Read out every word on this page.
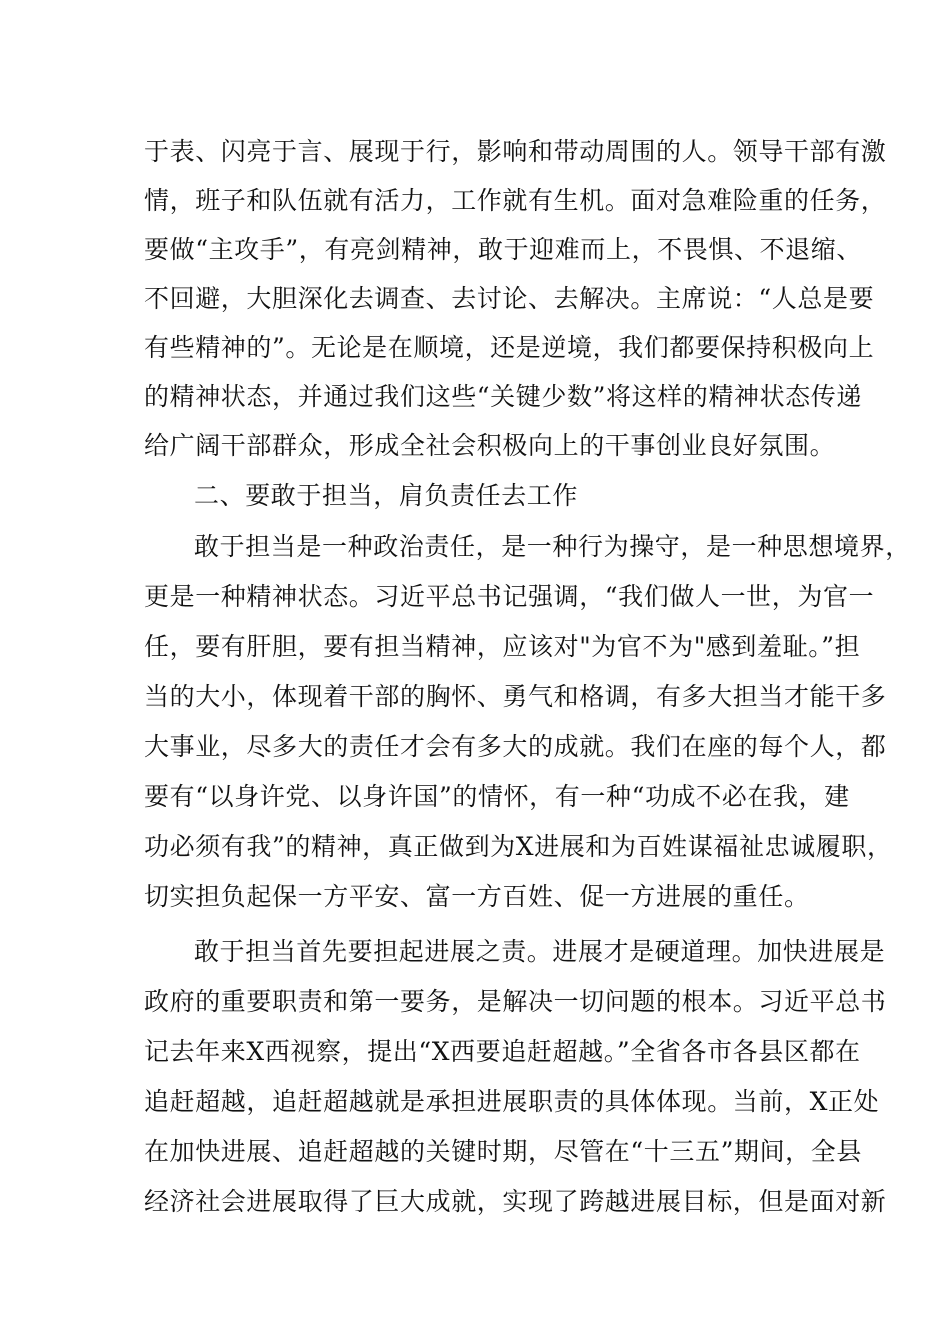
于表、闪亮于言、展现于行，影响和带动周围的人。领导干部有激
情，班子和队伍就有活力，工作就有生机。面对急难险重的任务，
要做“主攻手”，有亮剑精神，敢于迎难而上，不畏惧、不退缩、
不回避，大胆深化去调查、去讨论、去解决。主席说：“人总是要
有些精神的”。无论是在顺境，还是逆境，我们都要保持积极向上
的精神状态，并通过我们这些“关键少数”将这样的精神状态传递
给广阔干部群众，形成全社会积极向上的干事创业良好氛围。
二、要敢于担当，肩负责任去工作
敢于担当是一种政治责任，是一种行为操守，是一种思想境界，
更是一种精神状态。习近平总书记强调，“我们做人一世，为官一
任，要有肝胆，要有担当精神，应该对"为官不为"感到羞耻。”担
当的大小，体现着干部的胸怀、勇气和格调，有多大担当才能干多
大事业，尽多大的责任才会有多大的成就。我们在座的每个人，都
要有“以身许党、以身许国”的情怀，有一种“功成不必在我，建
功必须有我”的精神，真正做到为X进展和为百姓谋福祉忠诚履职，
切实担负起保一方平安、富一方百姓、促一方进展的重任。
敢于担当首先要担起进展之责。进展才是硬道理。加快进展是
政府的重要职责和第一要务，是解决一切问题的根本。习近平总书
记去年来X西视察，提出“X西要追赶超越。”全省各市各县区都在
追赶超越，追赶超越就是承担进展职责的具体体现。当前，X正处
在加快进展、追赶超越的关键时期，尽管在“十三五”期间，全县
经济社会进展取得了巨大成就，实现了跨越进展目标，但是面对新
